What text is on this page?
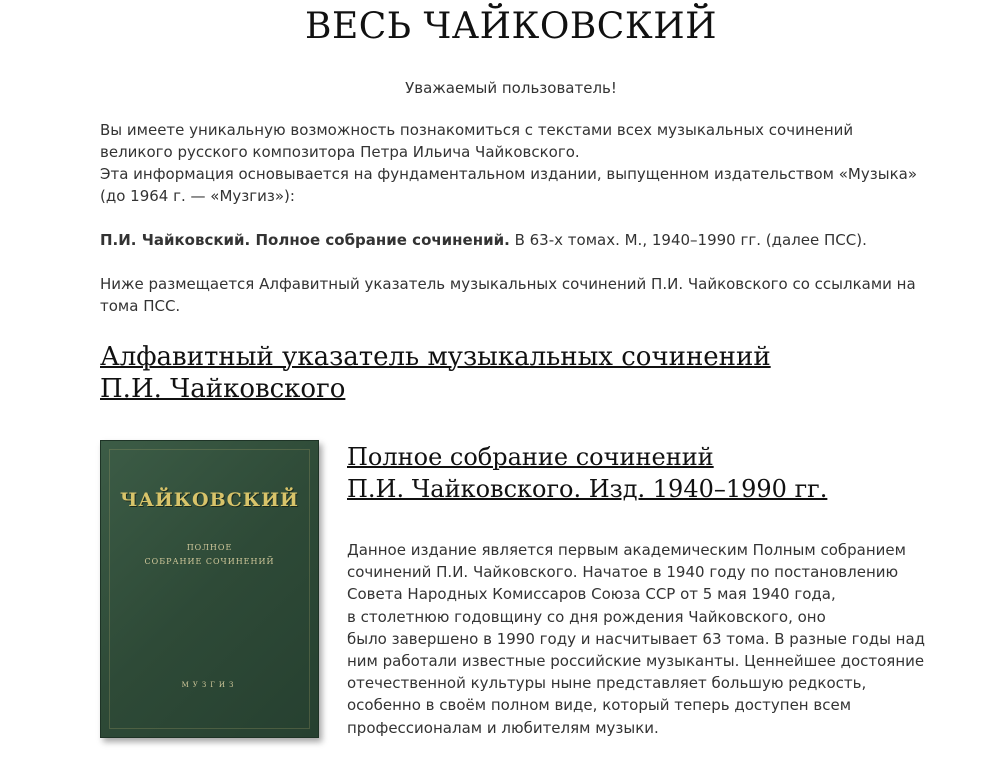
ВЕСЬ ЧАЙКОВСКИЙ

Уважаемый пользователь!

Вы имеете уникальную возможность познакомиться с текстами всех музыкальных сочинений
великого русского композитора Петра Ильича Чайковского.
Эта информация основывается на фундаментальном издании, выпущенном издательством «Музыка»
(до 1964 г. — «Музгиз»):

П.И. Чайковский. Полное собрание сочинений. В 63-х томах. М., 1940–1990 гг. (далее ПСС).

Ниже размещается Алфавитный указатель музыкальных сочинений П.И. Чайковского со ссылками на
тома ПСС.

Алфавитный указатель музыкальных сочинений
П.И. Чайковского
ЧАЙКОВСКИЙ
ПОЛНОЕ
СОБРАНИЕ СОЧИНЕНИЙ
МУЗГИЗ
Полное собрание сочинений
П.И. Чайковского. Изд. 1940–1990 гг.

Данное издание является первым академическим Полным собранием
сочинений П.И. Чайковского. Начатое в 1940 году по постановлению
Совета Народных Комиссаров Союза ССР от 5 мая 1940 года,
в столетнюю годовщину со дня рождения Чайковского, оно
было завершено в 1990 году и насчитывает 63 тома. В разные годы над
ним работали известные российские музыканты. Ценнейшее достояние
отечественной культуры ныне представляет большую редкость,
особенно в своём полном виде, который теперь доступен всем
профессионалам и любителям музыки.
